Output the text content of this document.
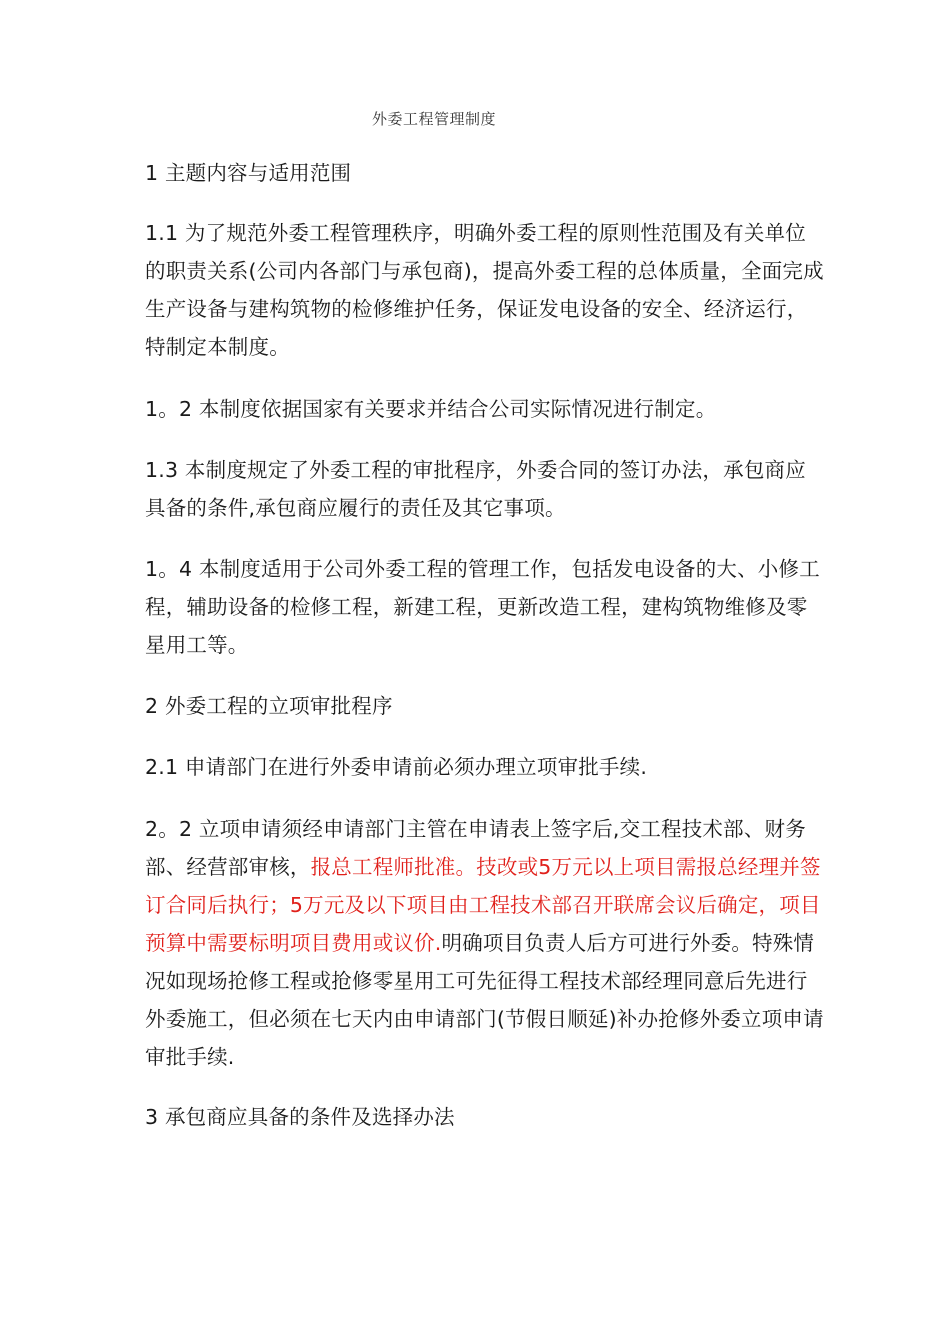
外委工程管理制度

1 主题内容与适用范围

1.1 为了规范外委工程管理秩序，明确外委工程的原则性范围及有关单位的职责关系(公司内各部门与承包商)，提高外委工程的总体质量，全面完成生产设备与建构筑物的检修维护任务，保证发电设备的安全、经济运行，特制定本制度。

1。2 本制度依据国家有关要求并结合公司实际情况进行制定。

1.3 本制度规定了外委工程的审批程序，外委合同的签订办法，承包商应具备的条件,承包商应履行的责任及其它事项。

1。4 本制度适用于公司外委工程的管理工作，包括发电设备的大、小修工程，辅助设备的检修工程，新建工程，更新改造工程，建构筑物维修及零星用工等。

2 外委工程的立项审批程序

2.1 申请部门在进行外委申请前必须办理立项审批手续.

2。2 立项申请须经申请部门主管在申请表上签字后,交工程技术部、财务部、经营部审核，报总工程师批准。技改或5万元以上项目需报总经理并签订合同后执行；5万元及以下项目由工程技术部召开联席会议后确定，项目预算中需要标明项目费用或议价.明确项目负责人后方可进行外委。特殊情况如现场抢修工程或抢修零星用工可先征得工程技术部经理同意后先进行外委施工，但必须在七天内由申请部门(节假日顺延)补办抢修外委立项申请审批手续.

3 承包商应具备的条件及选择办法
